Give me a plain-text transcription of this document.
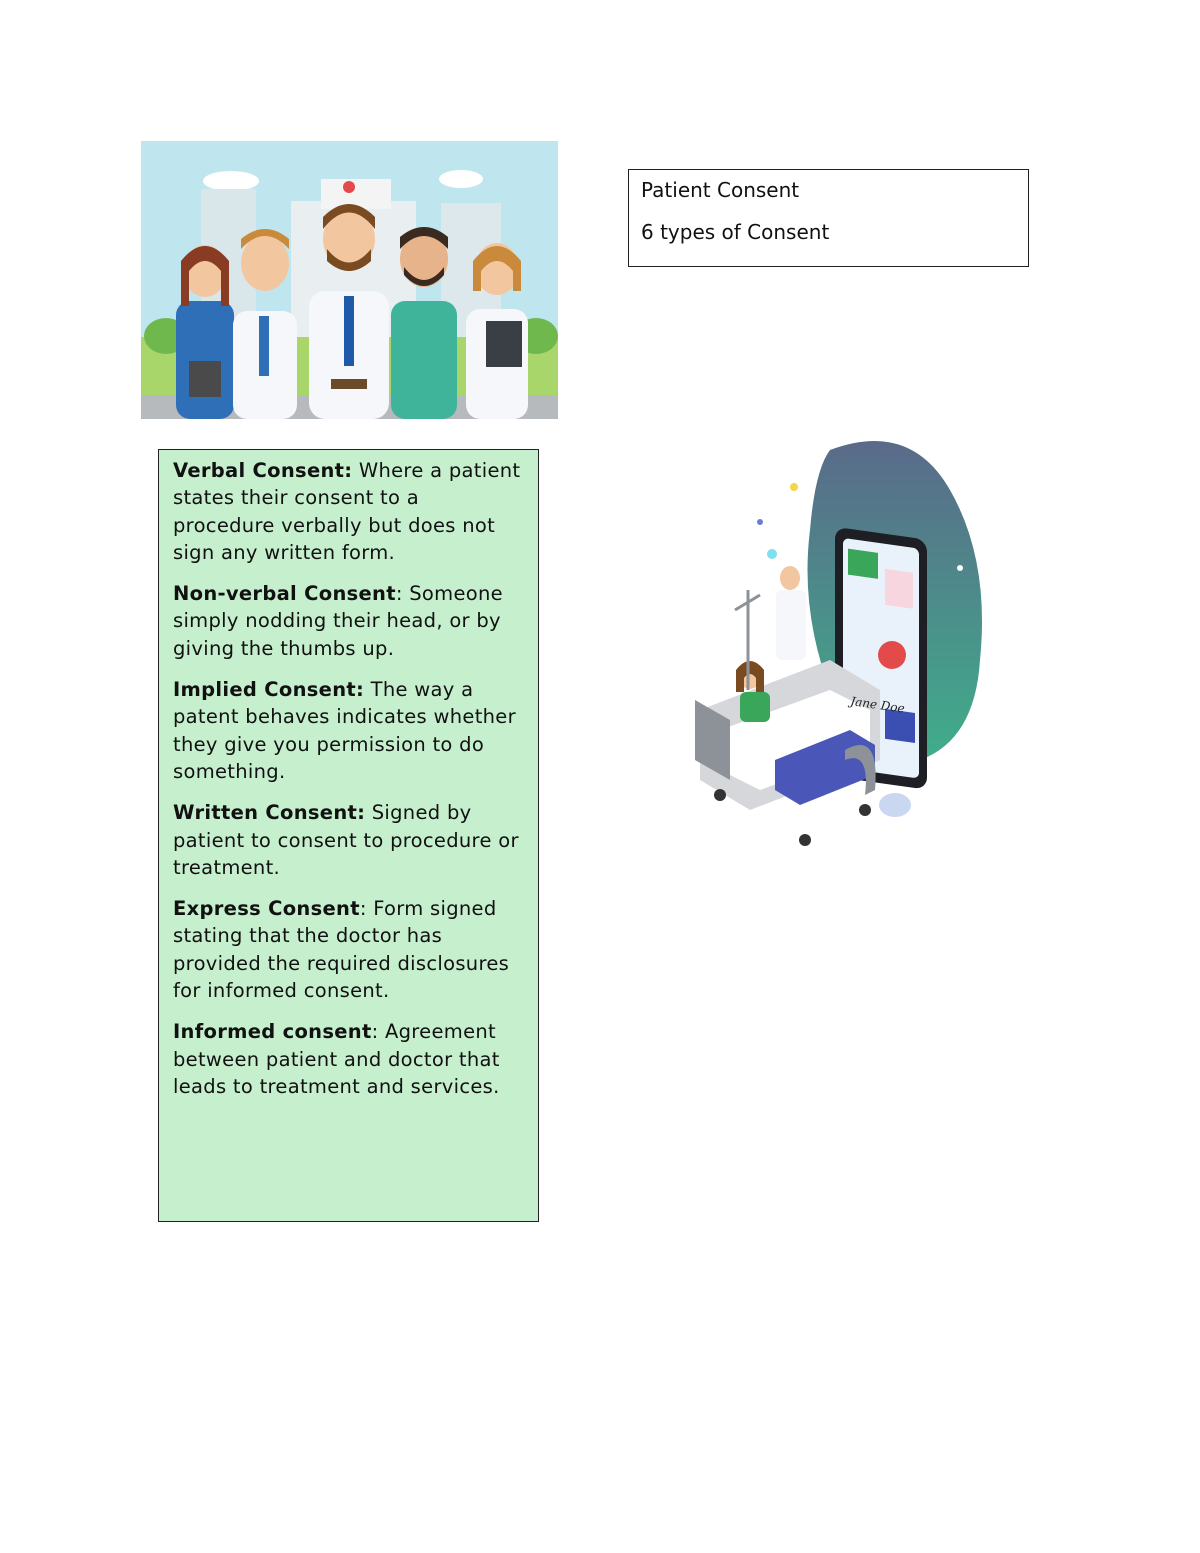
Patient Consent

6 types of Consent

Verbal Consent: Where a patient states their consent to a procedure verbally but does not sign any written form.

Non-verbal Consent: Someone simply nodding their head, or by giving the thumbs up.

Implied Consent: The way a patent behaves indicates whether they give you permission to do something.

Written Consent: Signed by patient to consent to procedure or treatment.

Express Consent: Form signed stating that the doctor has provided the required disclosures for informed consent.

Informed consent: Agreement between patient and doctor that leads to treatment and services.

Jane Doe
